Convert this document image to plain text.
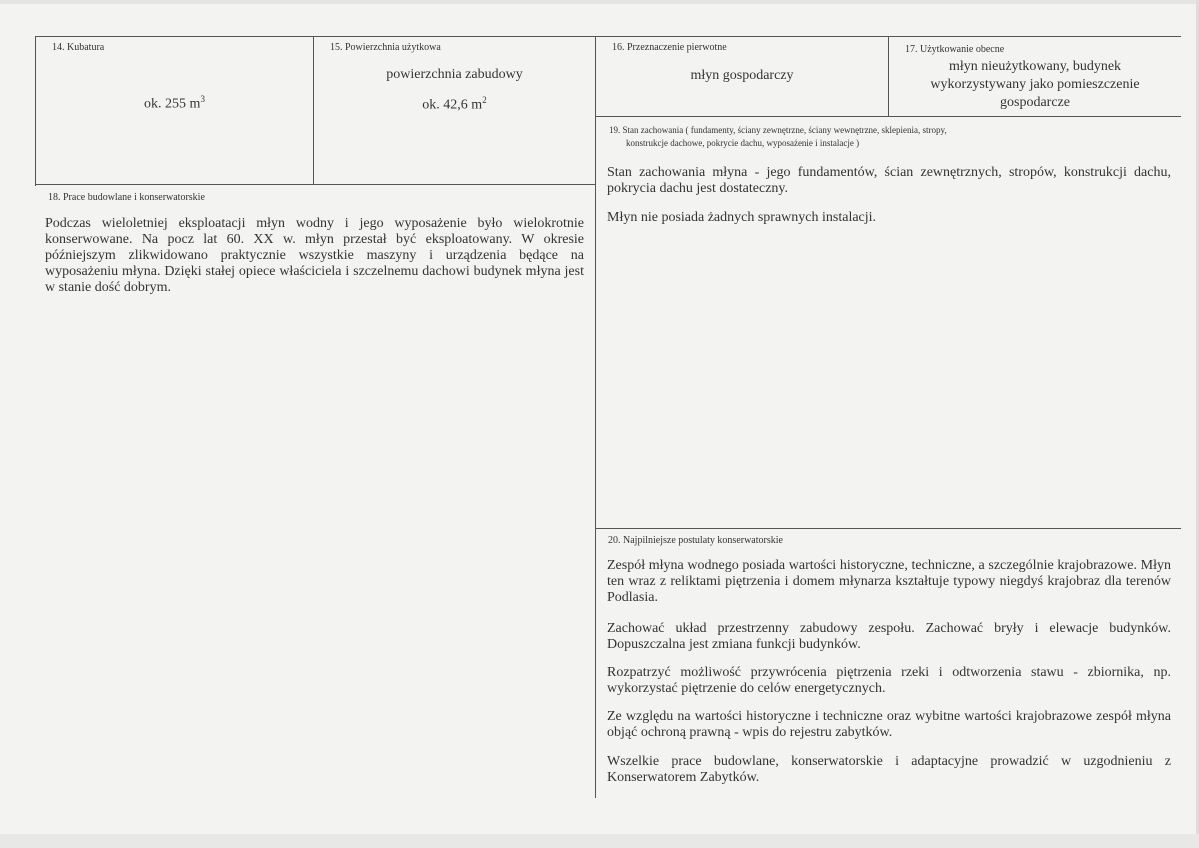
14. Kubatura
ok. 255 $m^3$
15. Powierzchnia użytkowa
powierzchnia zabudowy
ok. 42,6 $m^2$
16. Przeznaczenie pierwotne
młyn gospodarczy
17. Użytkowanie obecne
młyn nieużytkowany, budynek
wykorzystywany jako pomieszczenie
gospodarcze
19. Stan zachowania ( fundamenty, ściany zewnętrzne, ściany wewnętrzne, sklepienia, stropy,
konstrukcje dachowe, pokrycie dachu, wyposażenie i instalacje )

Stan zachowania młyna - jego fundamentów, ścian zewnętrznych, stropów, konstrukcji dachu, pokrycia dachu jest dostateczny.

Młyn nie posiada żadnych sprawnych instalacji.

18. Prace budowlane i konserwatorskie

Podczas wieloletniej eksploatacji młyn wodny i jego wyposażenie było wielokrotnie konserwowane. Na pocz lat 60. XX w. młyn przestał być eksploatowany. W okresie późniejszym zlikwidowano praktycznie wszystkie maszyny i urządzenia będące na wyposażeniu młyna. Dzięki stałej opiece właściciela i szczelnemu dachowi budynek młyna jest w stanie dość dobrym.

20. Najpilniejsze postulaty konserwatorskie

Zespół młyna wodnego posiada wartości historyczne, techniczne, a szczególnie krajobrazowe. Młyn ten wraz z reliktami piętrzenia i domem młynarza kształtuje typowy niegdyś krajobraz dla terenów Podlasia.

Zachować układ przestrzenny zabudowy zespołu. Zachować bryły i elewacje budynków. Dopuszczalna jest zmiana funkcji budynków.

Rozpatrzyć możliwość przywrócenia piętrzenia rzeki i odtworzenia stawu - zbiornika, np. wykorzystać piętrzenie do celów energetycznych.

Ze względu na wartości historyczne i techniczne oraz wybitne wartości krajobrazowe zespół młyna objąć ochroną prawną - wpis do rejestru zabytków.

Wszelkie prace budowlane, konserwatorskie i adaptacyjne prowadzić w uzgodnieniu z Konserwatorem Zabytków.
